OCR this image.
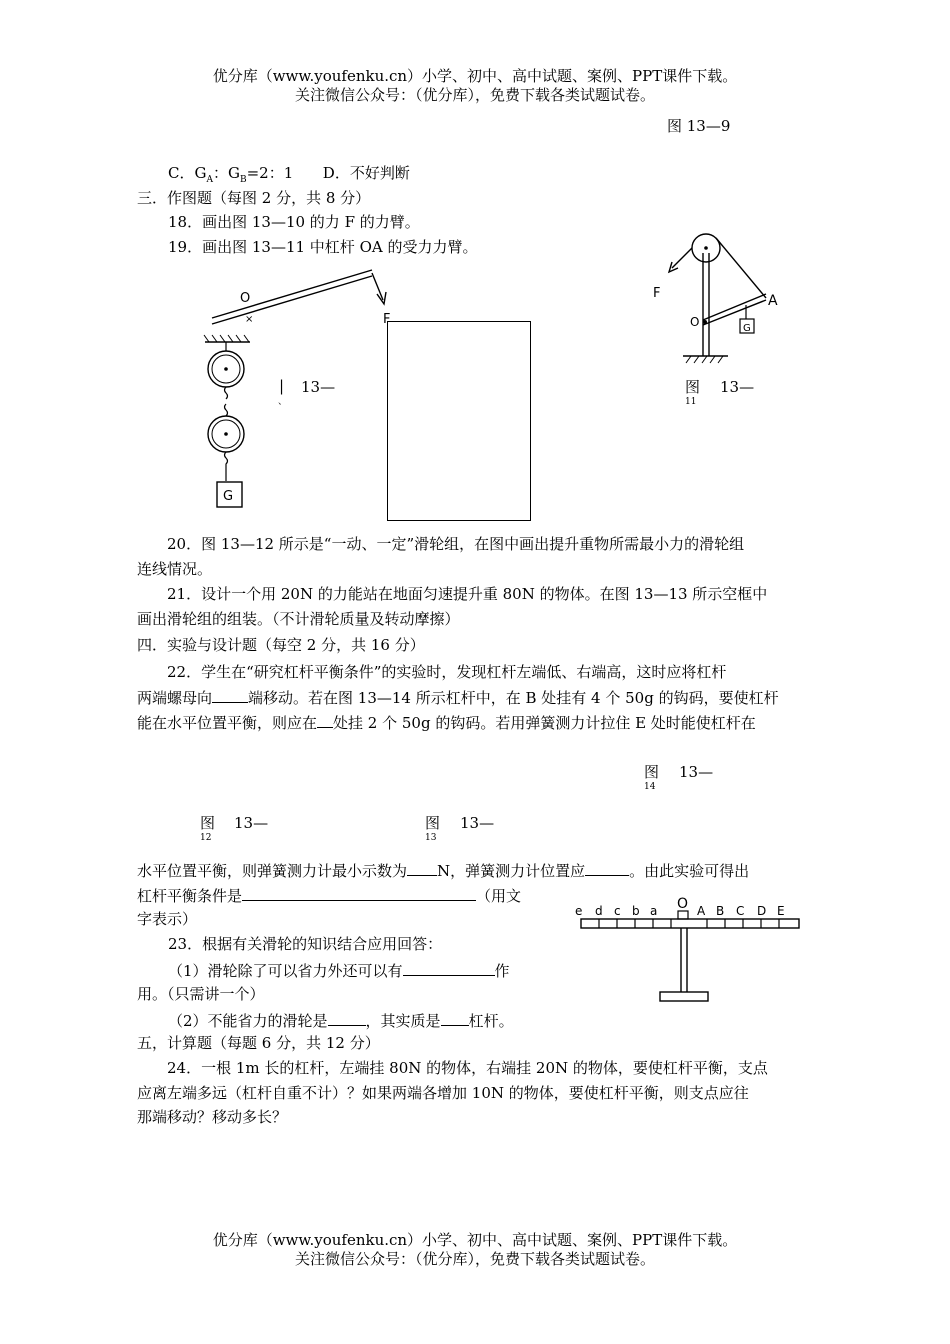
优分库（www.youfenku.cn）小学、初中、高中试题、案例、PPT课件下载。
关注微信公众号：（优分库），免费下载各类试题试卷。
图 13—9
C．$G_A$：$G_B=2$：1 D．不好判断
三．作图题（每图 2 分，共 8 分）
18．画出图 13—10 的力 F 的力臂。
19．画出图 13—11 中杠杆 OA 的受力力臂。
O
F
×
G
| 13—
、
G
F
O
A
图 13—
11
20．图 13—12 所示是“一动、一定”滑轮组，在图中画出提升重物所需最小力的滑轮组
连线情况。
21．设计一个用 20N 的力能站在地面匀速提升重 80N 的物体。在图 13—13 所示空框中
画出滑轮组的组装。（不计滑轮质量及转动摩擦）
四．实验与设计题（每空 2 分，共 16 分）
22．学生在“研究杠杆平衡条件”的实验时，发现杠杆左端低、右端高，这时应将杠杆
两端螺母向 端移动。若在图 13—14 所示杠杆中，在 B 处挂有 4 个 50g 的钩码，要使杠杆
能在水平位置平衡，则应在 处挂 2 个 50g 的钩码。若用弹簧测力计拉住 E 处时能使杠杆在
图 13—
14
图 13—
12
图 13—
13
水平位置平衡，则弹簧测力计最小示数为 N，弹簧测力计位置应	。由此实验可得出
杠杆平衡条件是	（用文
字表示）
O
e d c b a	A B C D E
23．根据有关滑轮的知识结合应用回答：
（1）滑轮除了可以省力外还可以有	作
用。（只需讲一个）
（2）不能省力的滑轮是	，其实质是 杠杆。
五，计算题（每题 6 分，共 12 分）
24．一根 1m 长的杠杆，左端挂 80N 的物体，右端挂 20N 的物体，要使杠杆平衡，支点
应离左端多远（杠杆自重不计）？如果两端各增加 10N 的物体，要使杠杆平衡，则支点应往
那端移动？移动多长？
优分库（www.youfenku.cn）小学、初中、高中试题、案例、PPT课件下载。
关注微信公众号：（优分库），免费下载各类试题试卷。
